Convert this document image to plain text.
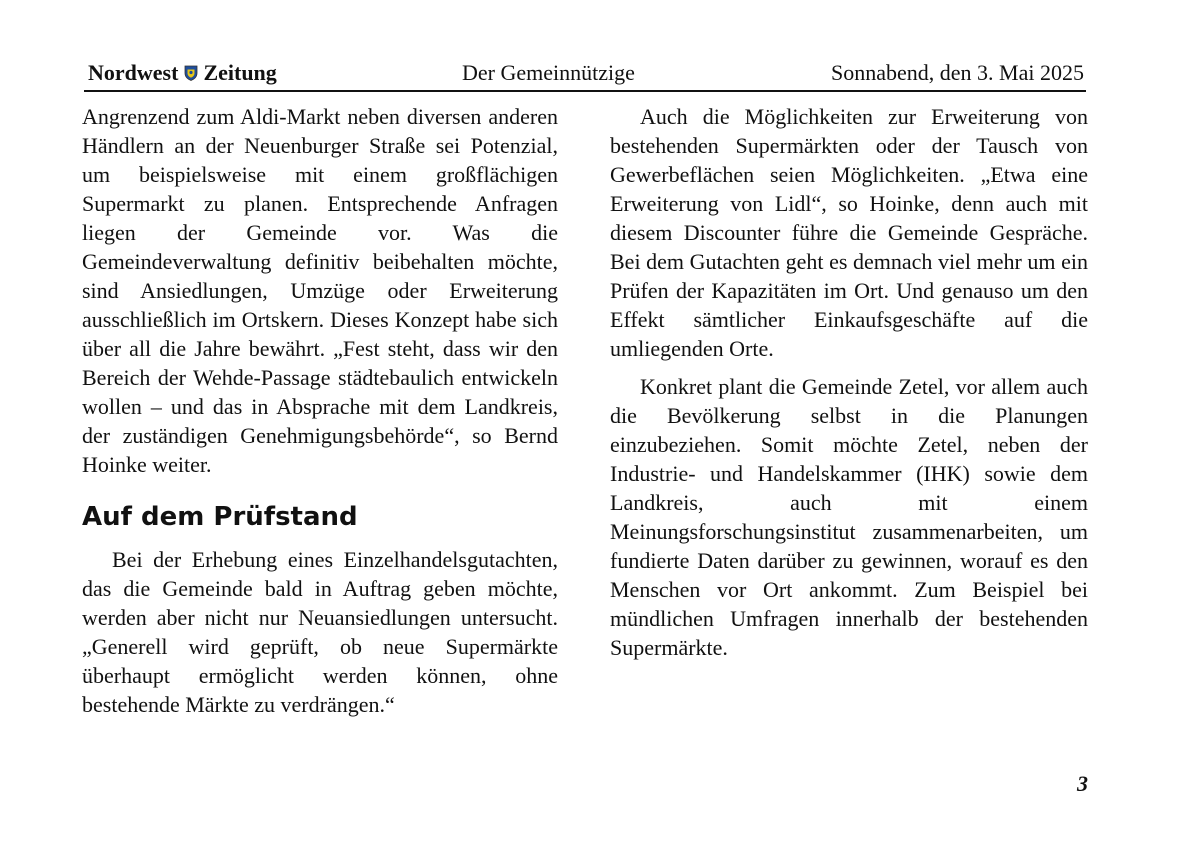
Nordwest Zeitung	Der Gemeinnützige	Sonnabend, den 3. Mai 2025

Angrenzend zum Aldi-Markt neben diversen anderen Händlern an der Neuenburger Straße sei Potenzial, um beispielsweise mit einem großflächigen Supermarkt zu planen. Entsprechende Anfragen liegen der Gemeinde vor. Was die Gemeindeverwaltung definitiv beibehalten möchte, sind Ansiedlungen, Umzüge oder Erweiterung ausschließlich im Ortskern. Dieses Konzept habe sich über all die Jahre bewährt. „Fest steht, dass wir den Bereich der Wehde-Passage städtebaulich entwickeln wollen – und das in Absprache mit dem Landkreis, der zuständigen Genehmigungsbehörde“, so Bernd Hoinke weiter.

Auf dem Prüfstand

Bei der Erhebung eines Einzelhandelsgutachten, das die Gemeinde bald in Auftrag geben möchte, werden aber nicht nur Neuansiedlungen untersucht. „Generell wird geprüft, ob neue Supermärkte überhaupt ermöglicht werden können, ohne bestehende Märkte zu verdrängen.“

Auch die Möglichkeiten zur Erweiterung von bestehenden Supermärkten oder der Tausch von Gewerbeflächen seien Möglichkeiten. „Etwa eine Erweiterung von Lidl“, so Hoinke, denn auch mit diesem Discounter führe die Gemeinde Gespräche. Bei dem Gutachten geht es demnach viel mehr um ein Prüfen der Kapazitäten im Ort. Und genauso um den Effekt sämtlicher Einkaufsgeschäfte auf die umliegenden Orte.

Konkret plant die Gemeinde Zetel, vor allem auch die Bevölkerung selbst in die Planungen einzubeziehen. Somit möchte Zetel, neben der Industrie- und Handelskammer (IHK) sowie dem Landkreis, auch mit einem Meinungsforschungsinstitut zusammenarbeiten, um fundierte Daten darüber zu gewinnen, worauf es den Menschen vor Ort ankommt. Zum Beispiel bei mündlichen Umfragen innerhalb der bestehenden Supermärkte.

3
